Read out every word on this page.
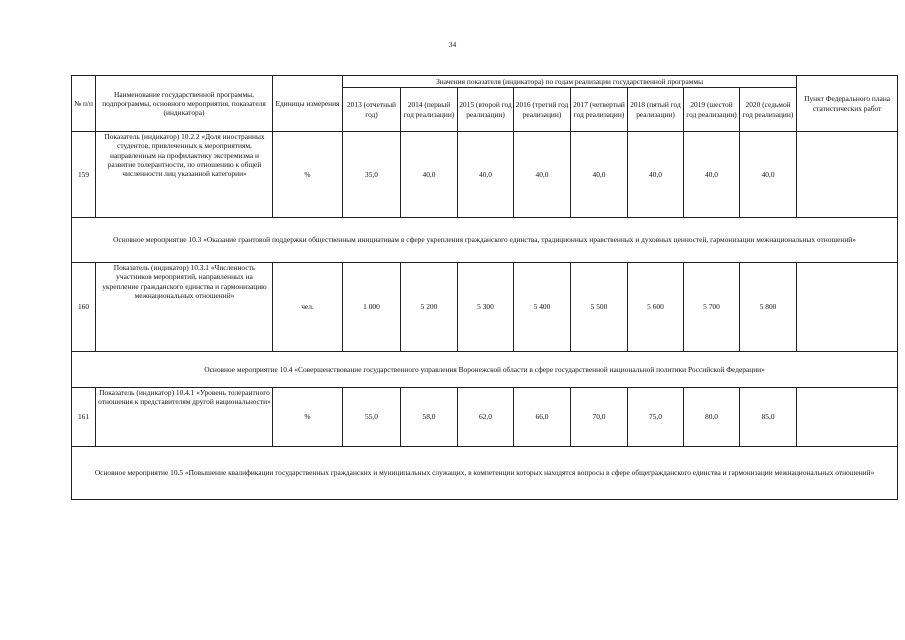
34
№ п/п	Наименование государственной программы, подпрограммы, основного мероприятия, показателя (индикатора)	Единицы измерения	Значения показателя (индикатора) по годам реализации государственной программы								Пункт Федерального плана статистических работ
			2013 (отчетный год)	2014 (первый год реализации)	2015 (второй год реализации)	2016 (третий год реализации)	2017 (четвертый год реализации)	2018 (пятый год реализации)	2019 (шестой год реализации)	2020 (седьмой год реализации)	
159	Показатель (индикатор) 10.2.2 «Доля иностранных студентов, привлеченных к мероприятиям, направленным на профилактику экстремизма и развитие толерантности, по отношению к общей численности лиц указанной категории»	%	35,0	40,0	40,0	40,0	40,0	40,0	40,0	40,0	
Основное мероприятие 10.3 «Оказание грантовой поддержки общественным инициативам в сфере укрепления гражданского единства, традиционных нравственных и духовных ценностей, гармонизации межнациональных отношений»											
160	Показатель (индикатор) 10.3.1 «Численность участников мероприятий, направленных на укрепление гражданского единства и гармонизацию межнациональных отношений»	чел.	1 000	5 200	5 300	5 400	5 500	5 600	5 700	5 800	
Основное мероприятие 10.4 «Совершенствование государственного управления Воронежской области в сфере государственной национальной политики Российской Федерации»											
161	Показатель (индикатор) 10.4.1 «Уровень толерантного отношения к представителям другой национальности»	%	55,0	58,0	62,0	66,0	70,0	75,0	80,0	85,0	
Основное мероприятие 10.5 «Повышение квалификации государственных гражданских и муниципальных служащих, в компетенции которых находятся вопросы в сфере общегражданского единства и гармонизации межнациональных отношений»											
